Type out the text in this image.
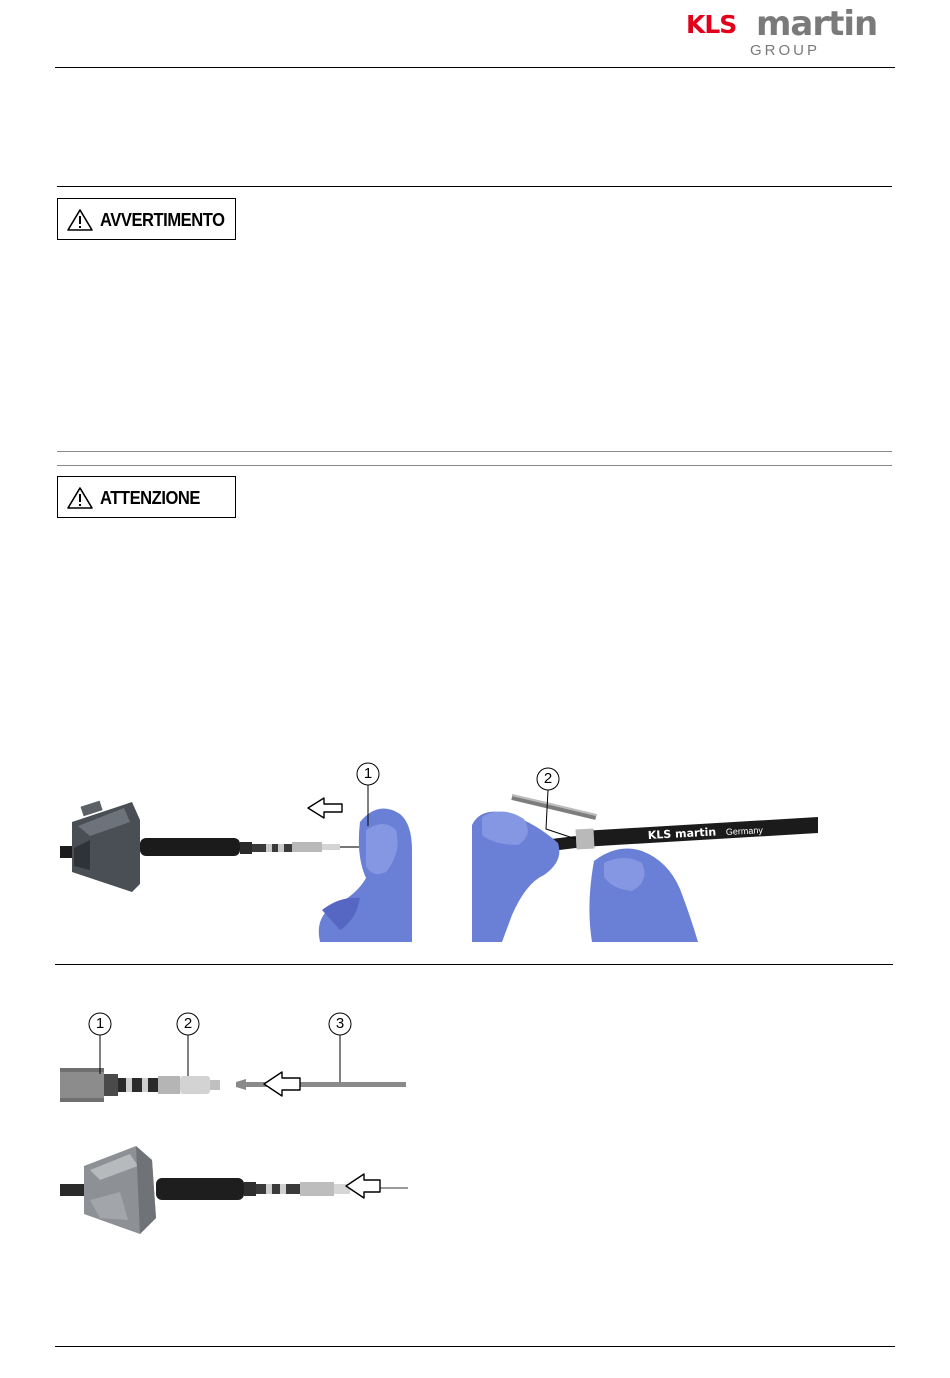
KLS martin
GROUP
AVVERTIMENTO
ATTENZIONE
1
KLS martin Germany
2
1	2	3
